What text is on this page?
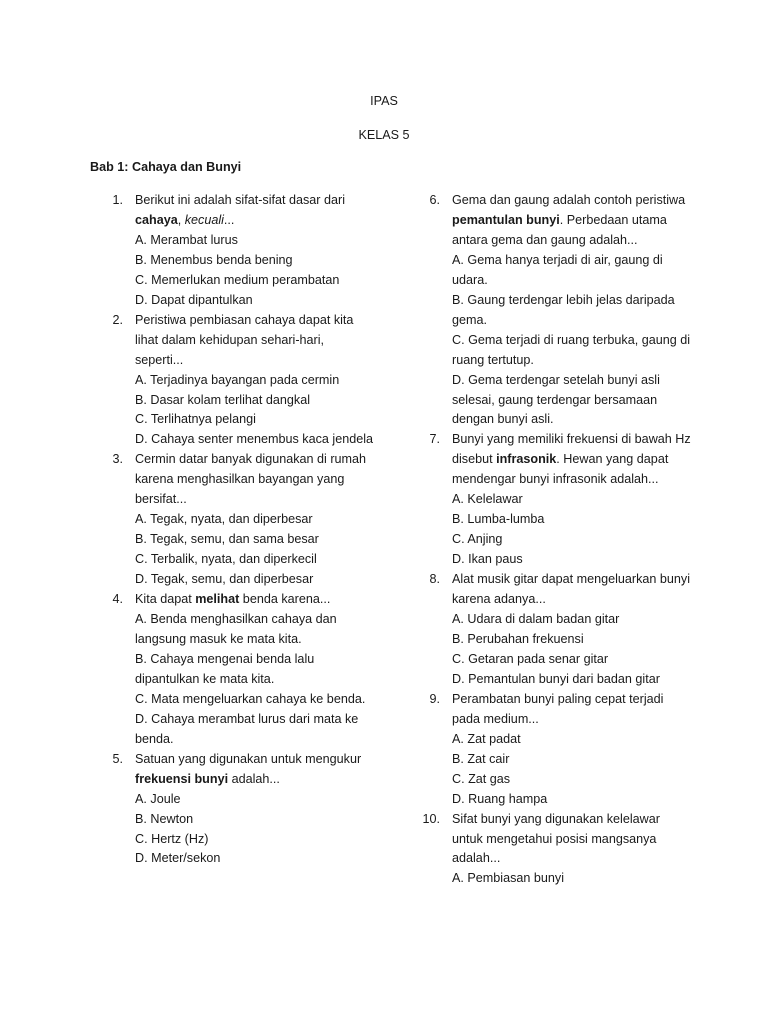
IPAS
KELAS 5
Bab 1: Cahaya dan Bunyi
1. Berikut ini adalah sifat-sifat dasar dari cahaya, kecuali...
A. Merambat lurus
B. Menembus benda bening
C. Memerlukan medium perambatan
D. Dapat dipantulkan
2. Peristiwa pembiasan cahaya dapat kita lihat dalam kehidupan sehari-hari, seperti...
A. Terjadinya bayangan pada cermin
B. Dasar kolam terlihat dangkal
C. Terlihatnya pelangi
D. Cahaya senter menembus kaca jendela
3. Cermin datar banyak digunakan di rumah karena menghasilkan bayangan yang bersifat...
A. Tegak, nyata, dan diperbesar
B. Tegak, semu, dan sama besar
C. Terbalik, nyata, dan diperkecil
D. Tegak, semu, dan diperbesar
4. Kita dapat melihat benda karena...
A. Benda menghasilkan cahaya dan langsung masuk ke mata kita.
B. Cahaya mengenai benda lalu dipantulkan ke mata kita.
C. Mata mengeluarkan cahaya ke benda.
D. Cahaya merambat lurus dari mata ke benda.
5. Satuan yang digunakan untuk mengukur frekuensi bunyi adalah...
A. Joule
B. Newton
C. Hertz (Hz)
D. Meter/sekon
6. Gema dan gaung adalah contoh peristiwa pemantulan bunyi. Perbedaan utama antara gema dan gaung adalah...
A. Gema hanya terjadi di air, gaung di udara.
B. Gaung terdengar lebih jelas daripada gema.
C. Gema terjadi di ruang terbuka, gaung di ruang tertutup.
D. Gema terdengar setelah bunyi asli selesai, gaung terdengar bersamaan dengan bunyi asli.
7. Bunyi yang memiliki frekuensi di bawah Hz disebut infrasonik. Hewan yang dapat mendengar bunyi infrasonik adalah...
A. Kelelawar
B. Lumba-lumba
C. Anjing
D. Ikan paus
8. Alat musik gitar dapat mengeluarkan bunyi karena adanya...
A. Udara di dalam badan gitar
B. Perubahan frekuensi
C. Getaran pada senar gitar
D. Pemantulan bunyi dari badan gitar
9. Perambatan bunyi paling cepat terjadi pada medium...
A. Zat padat
B. Zat cair
C. Zat gas
D. Ruang hampa
10. Sifat bunyi yang digunakan kelelawar untuk mengetahui posisi mangsanya adalah...
A. Pembiasan bunyi
